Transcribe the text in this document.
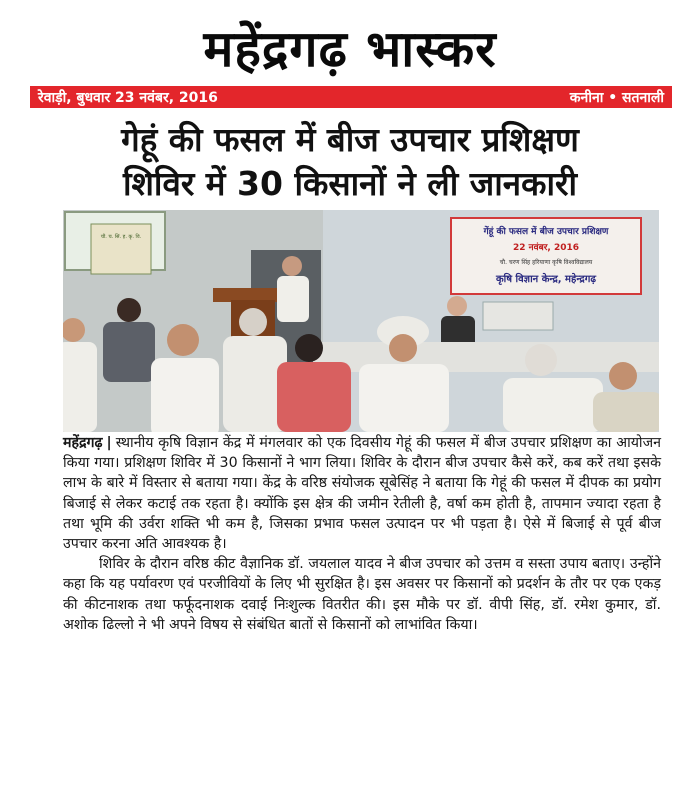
महेंद्रगढ़ भास्कर
रेवाड़ी, बुधवार 23 नवंबर, 2016	कनीना • सतनाली
गेहूं की फसल में बीज उपचार प्रशिक्षण
शिविर में 30 किसानों ने ली जानकारी
चौ. च. सिं. ह. कृ. वि.	गेंहूं की फसल में बीज उपचार प्रशिक्षण
22 नवंबर, 2016
चौ. चरण सिंह हरियाणा कृषि विश्वविद्यालय
कृषि विज्ञान केन्द्र, महेन्द्रगढ़

महेंद्रगढ़ | स्थानीय कृषि विज्ञान केंद्र में मंगलवार को एक दिवसीय गेहूं की फसल में बीज उपचार प्रशिक्षण का आयोजन किया गया। प्रशिक्षण शिविर में 30 किसानों ने भाग लिया। शिविर के दौरान बीज उपचार कैसे करें, कब करें तथा इसके लाभ के बारे में विस्तार से बताया गया। केंद्र के वरिष्ठ संयोजक सूबेसिंह ने बताया कि गेहूं की फसल में दीपक का प्रयोग बिजाई से लेकर कटाई तक रहता है। क्योंकि इस क्षेत्र की जमीन रेतीली है, वर्षा कम होती है, तापमान ज्यादा रहता है तथा भूमि की उर्वरा शक्ति भी कम है, जिसका प्रभाव फसल उत्पादन पर भी पड़ता है। ऐसे में बिजाई से पूर्व बीज उपचार करना अति आवश्यक है।

शिविर के दौरान वरिष्ठ कीट वैज्ञानिक डॉ. जयलाल यादव ने बीज उपचार को उत्तम व सस्ता उपाय बताए। उन्होंने कहा कि यह पर्यावरण एवं परजीवियों के लिए भी सुरक्षित है। इस अवसर पर किसानों को प्रदर्शन के तौर पर एक एकड़ की कीटनाशक तथा फर्फूदनाशक दवाई निःशुल्क वितरीत की। इस मौके पर डॉ. वीपी सिंह, डॉ. रमेश कुमार, डॉ. अशोक ढिल्लो ने भी अपने विषय से संबंधित बातों से किसानों को लाभांवित किया।
